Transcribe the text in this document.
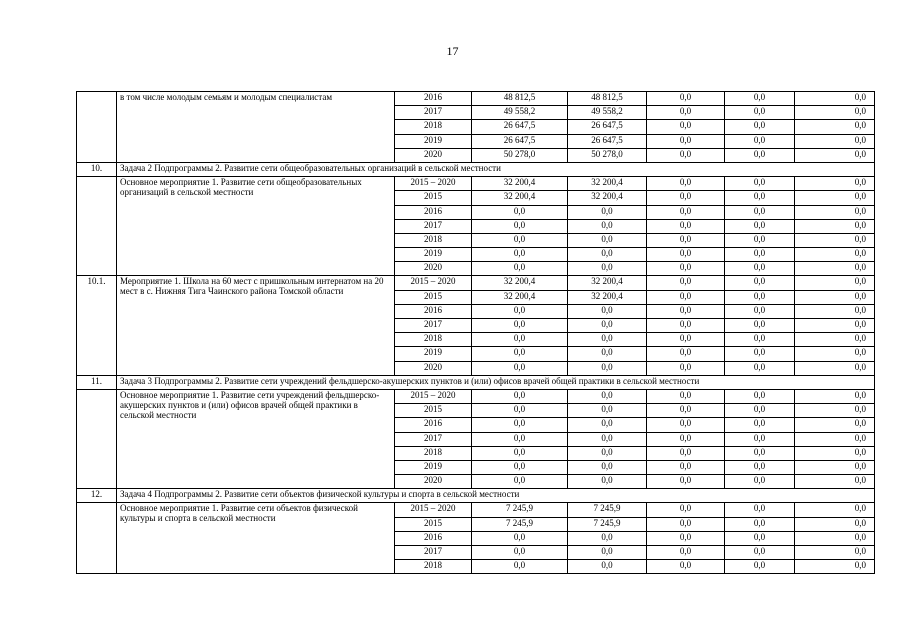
17
	в том числе молодым семьям и молодым специалистам	2016	48 812,5	48 812,5	0,0	0,0	0,0
		2017	49 558,2	49 558,2	0,0	0,0	0,0
		2018	26 647,5	26 647,5	0,0	0,0	0,0
		2019	26 647,5	26 647,5	0,0	0,0	0,0
		2020	50 278,0	50 278,0	0,0	0,0	0,0
10.	Задача 2 Подпрограммы 2. Развитие сети общеобразовательных организаций в сельской местности						
	Основное мероприятие 1. Развитие сети общеобразовательных организаций в сельской местности	2015 – 2020	32 200,4	32 200,4	0,0	0,0	0,0
		2015	32 200,4	32 200,4	0,0	0,0	0,0
		2016	0,0	0,0	0,0	0,0	0,0
		2017	0,0	0,0	0,0	0,0	0,0
		2018	0,0	0,0	0,0	0,0	0,0
		2019	0,0	0,0	0,0	0,0	0,0
		2020	0,0	0,0	0,0	0,0	0,0
10.1.	Мероприятие 1. Школа на 60 мест с пришкольным интернатом на 20 мест в с. Нижняя Тига Чаинского района Томской области	2015 – 2020	32 200,4	32 200,4	0,0	0,0	0,0
		2015	32 200,4	32 200,4	0,0	0,0	0,0
		2016	0,0	0,0	0,0	0,0	0,0
		2017	0,0	0,0	0,0	0,0	0,0
		2018	0,0	0,0	0,0	0,0	0,0
		2019	0,0	0,0	0,0	0,0	0,0
		2020	0,0	0,0	0,0	0,0	0,0
11.	Задача 3 Подпрограммы 2. Развитие сети учреждений фельдшерско-акушерских пунктов и (или) офисов врачей общей практики в сельской местности						
	Основное мероприятие 1. Развитие сети учреждений фельдшерско-акушерских пунктов и (или) офисов врачей общей практики в сельской местности	2015 – 2020	0,0	0,0	0,0	0,0	0,0
		2015	0,0	0,0	0,0	0,0	0,0
		2016	0,0	0,0	0,0	0,0	0,0
		2017	0,0	0,0	0,0	0,0	0,0
		2018	0,0	0,0	0,0	0,0	0,0
		2019	0,0	0,0	0,0	0,0	0,0
		2020	0,0	0,0	0,0	0,0	0,0
12.	Задача 4 Подпрограммы 2. Развитие сети объектов физической культуры и спорта в сельской местности						
	Основное мероприятие 1. Развитие сети объектов физической культуры и спорта в сельской местности	2015 – 2020	7 245,9	7 245,9	0,0	0,0	0,0
		2015	7 245,9	7 245,9	0,0	0,0	0,0
		2016	0,0	0,0	0,0	0,0	0,0
		2017	0,0	0,0	0,0	0,0	0,0
		2018	0,0	0,0	0,0	0,0	0,0
